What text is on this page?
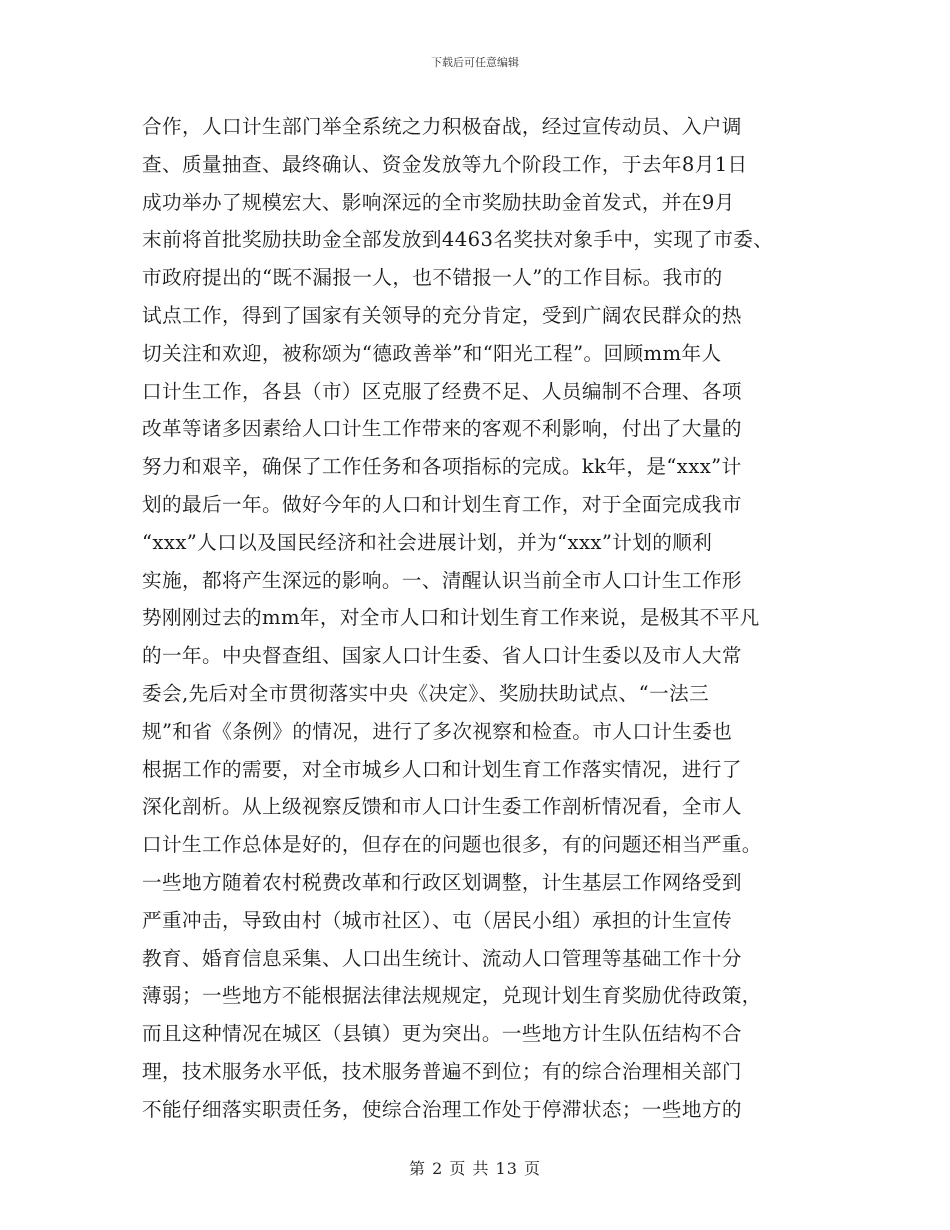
下载后可任意编辑
合作，人口计生部门举全系统之力积极奋战，经过宣传动员、入户调
查、质量抽查、最终确认、资金发放等九个阶段工作，于去年8月1日
成功举办了规模宏大、影响深远的全市奖励扶助金首发式，并在9月
末前将首批奖励扶助金全部发放到4463名奖扶对象手中，实现了市委、
市政府提出的“既不漏报一人，也不错报一人”的工作目标。我市的
试点工作，得到了国家有关领导的充分肯定，受到广阔农民群众的热
切关注和欢迎，被称颂为“德政善举”和“阳光工程”。回顾mm年人
口计生工作，各县（市）区克服了经费不足、人员编制不合理、各项
改革等诸多因素给人口计生工作带来的客观不利影响，付出了大量的
努力和艰辛，确保了工作任务和各项指标的完成。kk年，是“xxx”计
划的最后一年。做好今年的人口和计划生育工作，对于全面完成我市
“xxx”人口以及国民经济和社会进展计划，并为“xxx”计划的顺利
实施，都将产生深远的影响。一、清醒认识当前全市人口计生工作形
势刚刚过去的mm年，对全市人口和计划生育工作来说，是极其不平凡
的一年。中央督查组、国家人口计生委、省人口计生委以及市人大常
委会,先后对全市贯彻落实中央《决定》、奖励扶助试点、“一法三
规”和省《条例》的情况，进行了多次视察和检查。市人口计生委也
根据工作的需要，对全市城乡人口和计划生育工作落实情况，进行了
深化剖析。从上级视察反馈和市人口计生委工作剖析情况看，全市人
口计生工作总体是好的，但存在的问题也很多，有的问题还相当严重。
一些地方随着农村税费改革和行政区划调整，计生基层工作网络受到
严重冲击，导致由村（城市社区）、屯（居民小组）承担的计生宣传
教育、婚育信息采集、人口出生统计、流动人口管理等基础工作十分
薄弱；一些地方不能根据法律法规规定，兑现计划生育奖励优待政策，
而且这种情况在城区（县镇）更为突出。一些地方计生队伍结构不合
理，技术服务水平低，技术服务普遍不到位；有的综合治理相关部门
不能仔细落实职责任务，使综合治理工作处于停滞状态；一些地方的
第 2 页 共 13 页
